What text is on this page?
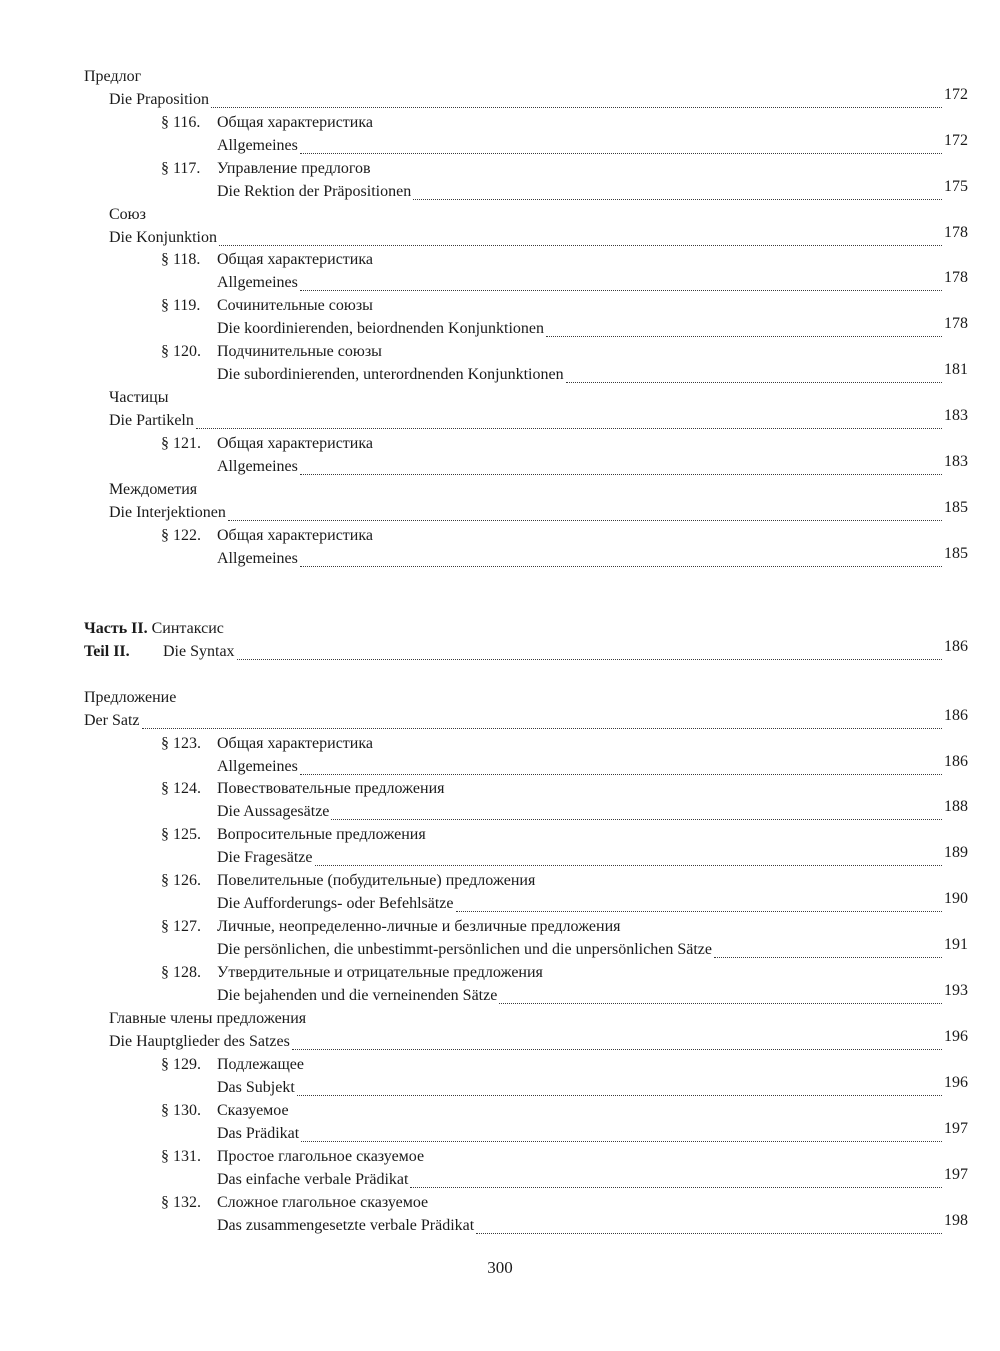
Предлог
Die Praposition	172
§ 116. Общая характеристика
Allgemeines	172
§ 117. Управление предлогов
Die Rektion der Präpositionen	175
Союз
Die Konjunktion	178
§ 118. Общая характеристика
Allgemeines	178
§ 119. Сочинительные союзы
Die koordinierenden, beiordnenden Konjunktionen	178
§ 120. Подчинительные союзы
Die subordinierenden, unterordnenden Konjunktionen	181
Частицы
Die Partikeln	183
§ 121. Общая характеристика
Allgemeines	183
Междометия
Die Interjektionen	185
§ 122. Общая характеристика
Allgemeines	185
Часть II. Синтаксис
Teil II. Die Syntax	186
Предложение
Der Satz	186
§ 123. Общая характеристика
Allgemeines	186
§ 124. Повествовательные предложения
Die Aussagesätze	188
§ 125. Вопросительные предложения
Die Fragesätze	189
§ 126. Повелительные (побудительные) предложения
Die Aufforderungs- oder Befehlsätze	190
§ 127. Личные, неопределенно-личные и безличные предложения
Die persönlichen, die unbestimmt-persönlichen und die unpersönlichen Sätze	191
§ 128. Утвердительные и отрицательные предложения
Die bejahenden und die verneinenden Sätze	193
Главные члены предложения
Die Hauptglieder des Satzes	196
§ 129. Подлежащее
Das Subjekt	196
§ 130. Сказуемое
Das Prädikat	197
§ 131. Простое глагольное сказуемое
Das einfache verbale Prädikat	197
§ 132. Сложное глагольное сказуемое
Das zusammengesetzte verbale Prädikat	198
300
